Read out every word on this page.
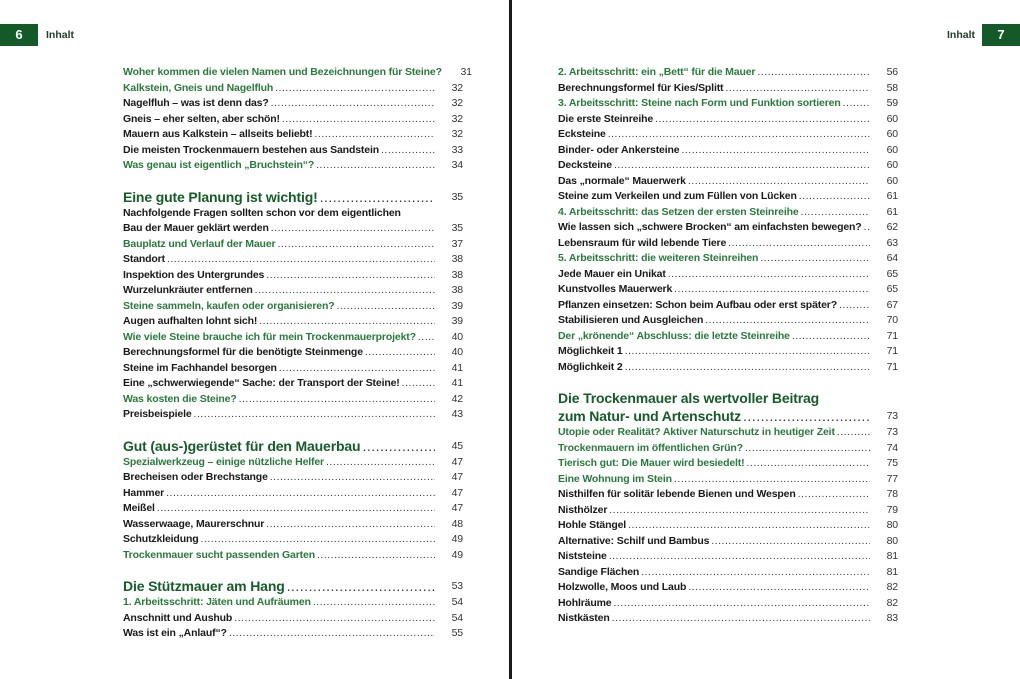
6	Inhalt
Woher kommen die vielen Namen und Bezeichnungen für Steine?	31
Kalkstein, Gneis und Nagelfluh .....	32
Nagelfluh – was ist denn das? .....	32
Gneis – eher selten, aber schön! .....	32
Mauern aus Kalkstein – allseits beliebt! .....	32
Die meisten Trockenmauern bestehen aus Sandstein .....	33
Was genau ist eigentlich „Bruchstein“? .....	34
Eine gute Planung ist wichtig! .....	35
Nachfolgende Fragen sollten schon vor dem eigentlichen
Bau der Mauer geklärt werden .....	35
Bauplatz und Verlauf der Mauer .....	37
Standort .....	38
Inspektion des Untergrundes .....	38
Wurzelunkräuter entfernen .....	38
Steine sammeln, kaufen oder organisieren? .....	39
Augen aufhalten lohnt sich! .....	39
Wie viele Steine brauche ich für mein Trockenmauerprojekt? .....	40
Berechnungsformel für die benötigte Steinmenge .....	40
Steine im Fachhandel besorgen .....	41
Eine „schwerwiegende“ Sache: der Transport der Steine! .....	41
Was kosten die Steine? .....	42
Preisbeispiele .....	43
Gut (aus-)gerüstet für den Mauerbau .....	45
Spezialwerkzeug – einige nützliche Helfer .....	47
Brecheisen oder Brechstange .....	47
Hammer .....	47
Meißel .....	47
Wasserwaage, Maurerschnur .....	48
Schutzkleidung .....	49
Trockenmauer sucht passenden Garten .....	49
Die Stützmauer am Hang .....	53
1. Arbeitsschritt: Jäten und Aufräumen .....	54
Anschnitt und Aushub .....	54
Was ist ein „Anlauf“? .....	55
Inhalt	7
2. Arbeitsschritt: ein „Bett“ für die Mauer .....	56
Berechnungsformel für Kies/Splitt .....	58
3. Arbeitsschritt: Steine nach Form und Funktion sortieren .....	59
Die erste Steinreihe .....	60
Ecksteine .....	60
Binder- oder Ankersteine .....	60
Decksteine .....	60
Das „normale“ Mauerwerk .....	60
Steine zum Verkeilen und zum Füllen von Lücken .....	61
4. Arbeitsschritt: das Setzen der ersten Steinreihe .....	61
Wie lassen sich „schwere Brocken“ am einfachsten bewegen? .....	62
Lebensraum für wild lebende Tiere .....	63
5. Arbeitsschritt: die weiteren Steinreihen .....	64
Jede Mauer ein Unikat .....	65
Kunstvolles Mauerwerk .....	65
Pflanzen einsetzen: Schon beim Aufbau oder erst später? .....	67
Stabilisieren und Ausgleichen .....	70
Der „krönende“ Abschluss: die letzte Steinreihe .....	71
Möglichkeit 1 .....	71
Möglichkeit 2 .....	71
Die Trockenmauer als wertvoller Beitrag
zum Natur- und Artenschutz .....	73
Utopie oder Realität? Aktiver Naturschutz in heutiger Zeit .....	73
Trockenmauern im öffentlichen Grün? .....	74
Tierisch gut: Die Mauer wird besiedelt! .....	75
Eine Wohnung im Stein .....	77
Nisthilfen für solitär lebende Bienen und Wespen .....	78
Nisthölzer .....	79
Hohle Stängel .....	80
Alternative: Schilf und Bambus .....	80
Niststeine .....	81
Sandige Flächen .....	81
Holzwolle, Moos und Laub .....	82
Hohlräume .....	82
Nistkästen .....	83
